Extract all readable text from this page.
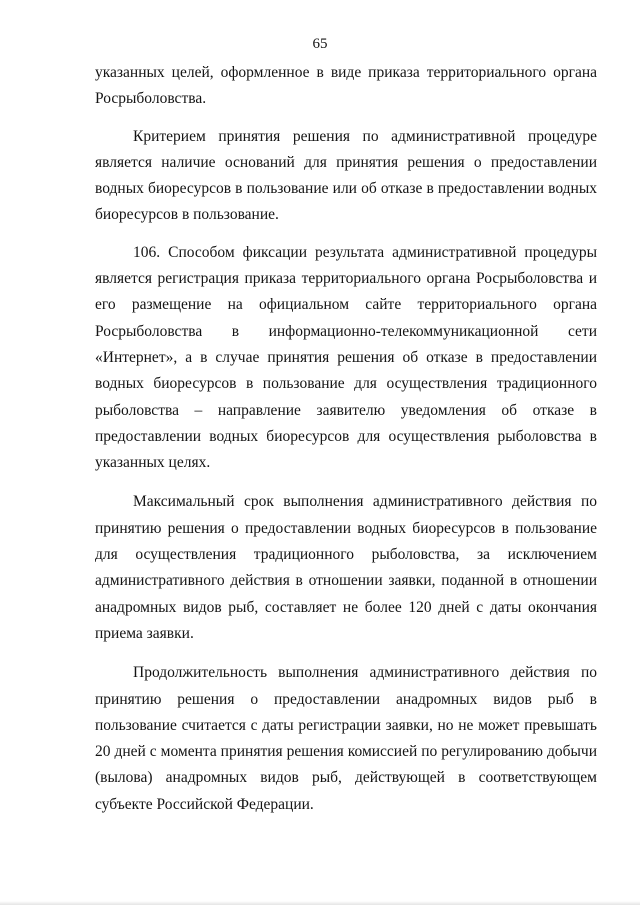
65

указанных целей, оформленное в виде приказа территориального органа Росрыболовства.

Критерием принятия решения по административной процедуре является наличие оснований для принятия решения о предоставлении водных биоресурсов в пользование или об отказе в предоставлении водных биоресурсов в пользование.

106. Способом фиксации результата административной процедуры является регистрация приказа территориального органа Росрыболовства и его размещение на официальном сайте территориального органа Росрыболовства в информационно-телекоммуникационной сети «Интернет», а в случае принятия решения об отказе в предоставлении водных биоресурсов в пользование для осуществления традиционного рыболовства – направление заявителю уведомления об отказе в предоставлении водных биоресурсов для осуществления рыболовства в указанных целях.

Максимальный срок выполнения административного действия по принятию решения о предоставлении водных биоресурсов в пользование для осуществления традиционного рыболовства, за исключением административного действия в отношении заявки, поданной в отношении анадромных видов рыб, составляет не более 120 дней с даты окончания приема заявки.

Продолжительность выполнения административного действия по принятию решения о предоставлении анадромных видов рыб в пользование считается с даты регистрации заявки, но не может превышать 20 дней с момента принятия решения комиссией по регулированию добычи (вылова) анадромных видов рыб, действующей в соответствующем субъекте Российской Федерации.
